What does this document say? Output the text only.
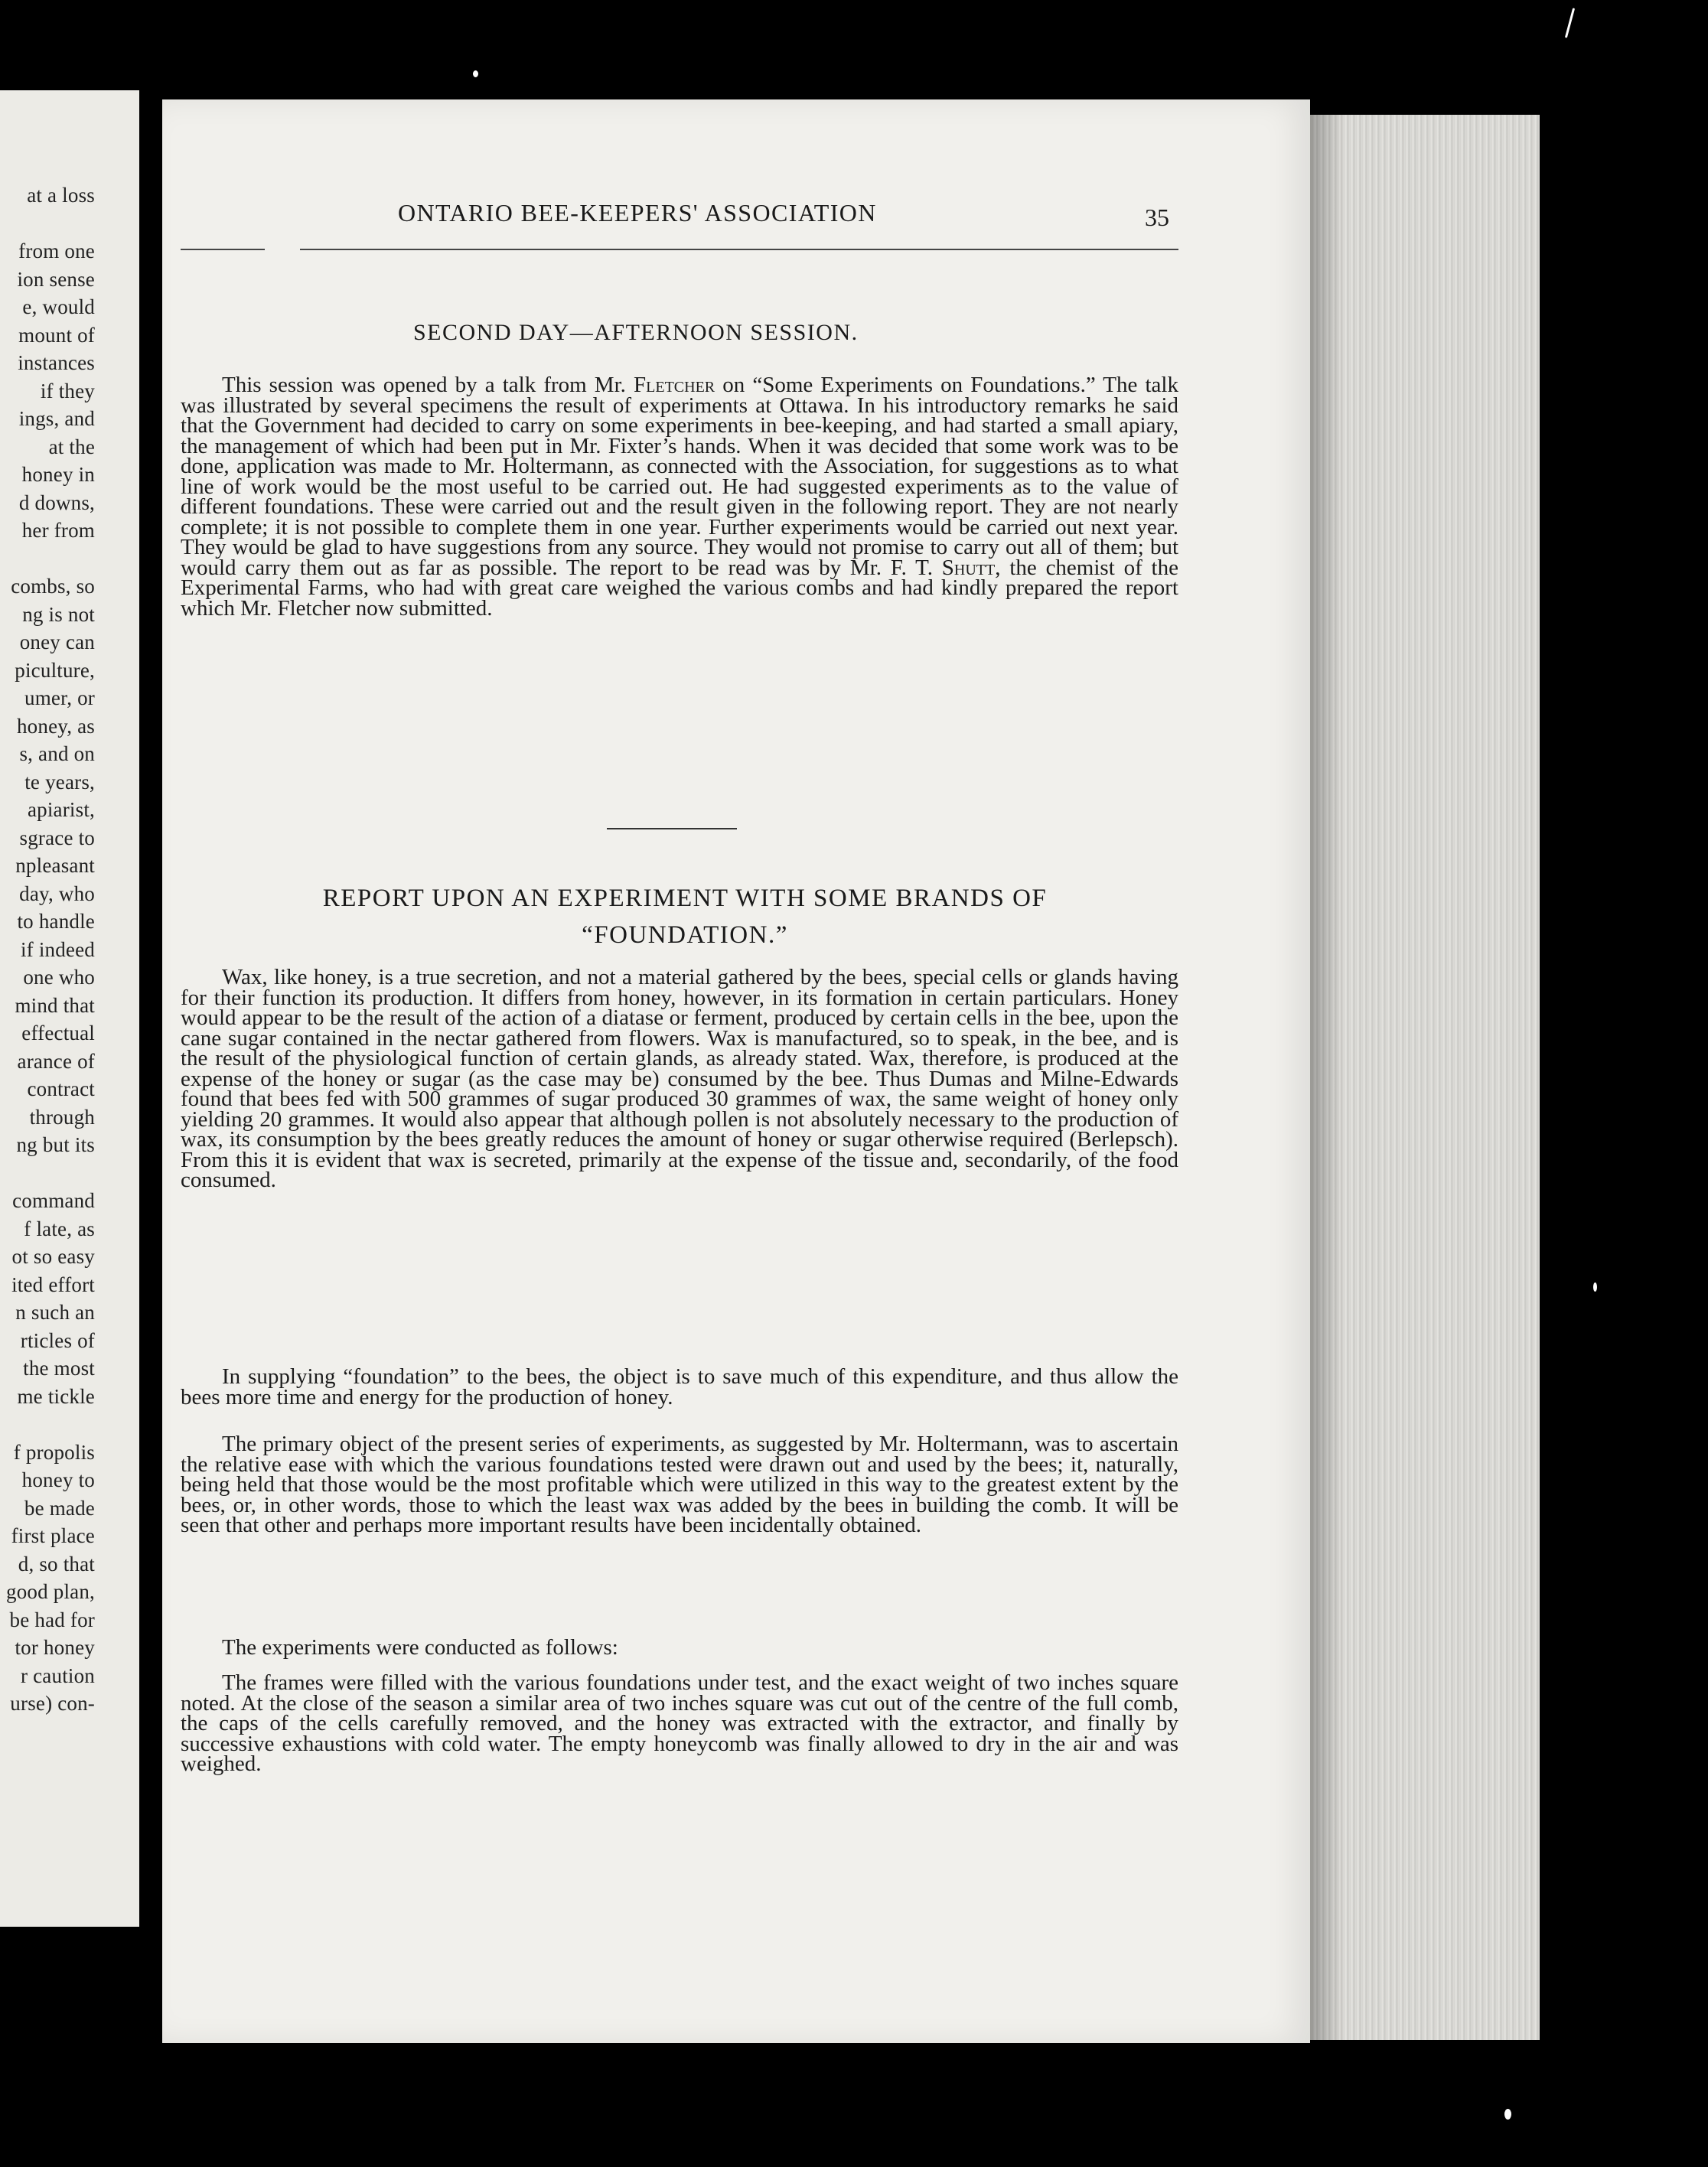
at a loss
from one
ion sense
e, would
mount of
instances
if they
ings, and
at the
honey in
d downs,
her from
combs, so
ng is not
oney can
piculture,
umer, or
honey, as
s, and on
te years,
apiarist,
sgrace to
npleasant
day, who
to handle
if indeed
one who
mind that
effectual
arance of
contract
through
ng but its
command
f late, as
ot so easy
ited effort
n such an
rticles of
the most
me tickle
f propolis
honey to
be made
first place
d, so that
good plan,
be had for
tor honey
r caution
urse) con-
ONTARIO BEE-KEEPERS' ASSOCIATION	35
SECOND DAY—AFTERNOON SESSION.

This session was opened by a talk from Mr. Fletcher on “Some Experiments on Foundations.” The talk was illustrated by several specimens the result of experiments at Ottawa. In his introductory remarks he said that the Government had decided to carry on some experiments in bee-keeping, and had started a small apiary, the management of which had been put in Mr. Fixter’s hands. When it was decided that some work was to be done, application was made to Mr. Holtermann, as connected with the Association, for suggestions as to what line of work would be the most useful to be carried out. He had suggested experiments as to the value of different foundations. These were carried out and the result given in the following report. They are not nearly complete; it is not possible to complete them in one year. Further experiments would be carried out next year. They would be glad to have suggestions from any source. They would not promise to carry out all of them; but would carry them out as far as possible. The report to be read was by Mr. F. T. Shutt, the chemist of the Experimental Farms, who had with great care weighed the various combs and had kindly prepared the report which Mr. Fletcher now submitted.

REPORT UPON AN EXPERIMENT WITH SOME BRANDS OF
“FOUNDATION.”

Wax, like honey, is a true secretion, and not a material gathered by the bees, special cells or glands having for their function its production. It differs from honey, however, in its formation in certain particulars. Honey would appear to be the result of the action of a diatase or ferment, produced by certain cells in the bee, upon the cane sugar contained in the nectar gathered from flowers. Wax is manufactured, so to speak, in the bee, and is the result of the physiological function of certain glands, as already stated. Wax, therefore, is produced at the expense of the honey or sugar (as the case may be) consumed by the bee. Thus Dumas and Milne-Edwards found that bees fed with 500 grammes of sugar produced 30 grammes of wax, the same weight of honey only yielding 20 grammes. It would also appear that although pollen is not absolutely necessary to the production of wax, its consumption by the bees greatly reduces the amount of honey or sugar otherwise required (Berlepsch). From this it is evident that wax is secreted, primarily at the expense of the tissue and, secondarily, of the food consumed.

In supplying “foundation” to the bees, the object is to save much of this expenditure, and thus allow the bees more time and energy for the production of honey.

The primary object of the present series of experiments, as suggested by Mr. Holtermann, was to ascertain the relative ease with which the various foundations tested were drawn out and used by the bees; it, naturally, being held that those would be the most profitable which were utilized in this way to the greatest extent by the bees, or, in other words, those to which the least wax was added by the bees in building the comb. It will be seen that other and perhaps more important results have been incidentally obtained.

The experiments were conducted as follows:

The frames were filled with the various foundations under test, and the exact weight of two inches square noted. At the close of the season a similar area of two inches square was cut out of the centre of the full comb, the caps of the cells carefully removed, and the honey was extracted with the extractor, and finally by successive exhaustions with cold water. The empty honeycomb was finally allowed to dry in the air and was weighed.
